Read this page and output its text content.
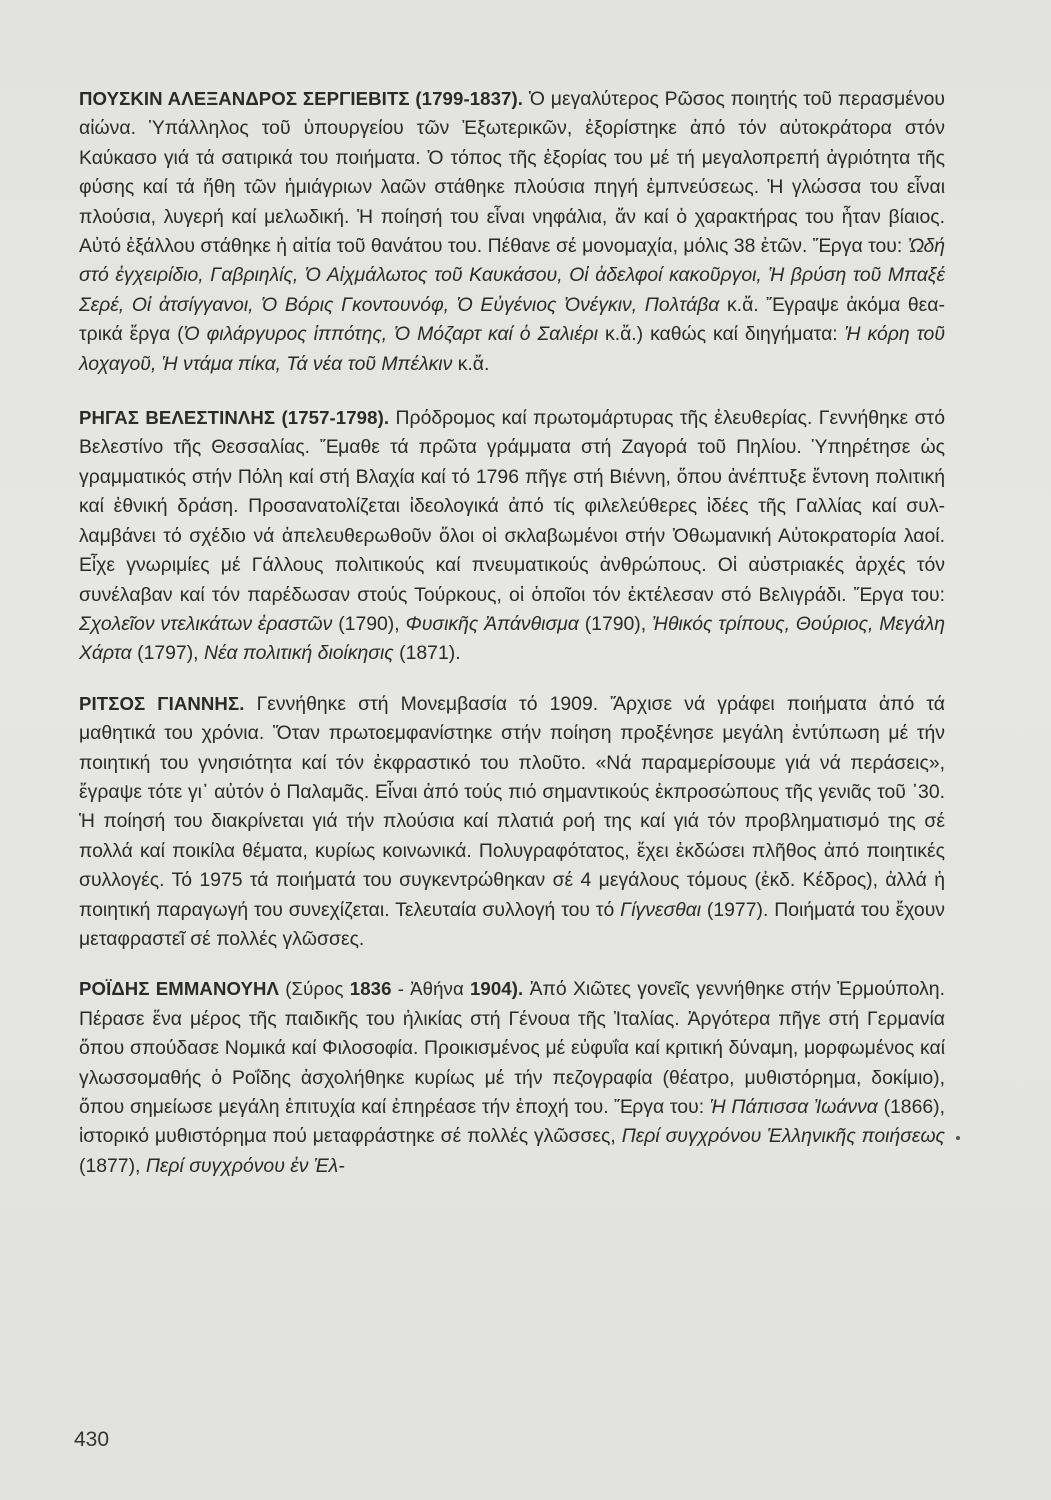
ΠΟΥΣΚΙΝ ΑΛΕΞΑΝΔΡΟΣ ΣΕΡΓΙΕΒΙΤΣ (1799-1837). Ὁ μεγαλύτερος Ρῶσος ποιητής τοῦ περασμένου αἰώνα. Ὑπάλληλος τοῦ ὑπουργείου τῶν Ἐξωτερικῶν, ἐξορίστηκε ἀπό τόν αὐτοκράτορα στόν Καύκασο γιά τά σατιρικά του ποιήματα. Ὁ τόπος τῆς ἐξορίας του μέ τή μεγαλοπρεπή ἀγριότητα τῆς φύσης καί τά ἤθη τῶν ἡμιάγριων λαῶν στάθηκε πλούσια πηγή ἐμπνεύσεως. Ἡ γλώσσα του εἶναι πλούσια, λυγερή καί μελωδική. Ἡ ποίησή του εἶναι νηφάλια, ἄν καί ὁ χαρακτήρας του ἦταν βίαιος. Αὐτό ἐξάλλου στάθηκε ἡ αἰτία τοῦ θανάτου του. Πέθανε σέ μονομαχία, μόλις 38 ἐτῶν. Ἔργα του: Ὠδή στό ἐγχειρίδιο, Γαβριηλίς, Ὁ Αἰχμάλωτος τοῦ Καυκάσου, Οἱ ἀδελφοί κακοῦργοι, Ἡ βρύση τοῦ Μπαξέ Σερέ, Οἱ ἀτσίγγανοι, Ὁ Βόρις Γκοντουνόφ, Ὁ Εὐγένιος Ὀνέγκιν, Πολτάβα κ.ἄ. Ἔγραψε ἀκόμα θεατρικά ἔργα (Ὁ φιλάργυρος ἱππότης, Ὁ Μόζαρτ καί ὁ Σαλιέρι κ.ἄ.) καθώς καί διηγήματα: Ἡ κόρη τοῦ λοχαγοῦ, Ἡ ντάμα πίκα, Τά νέα τοῦ Μπέλκιν κ.ἄ.

ΡΗΓΑΣ ΒΕΛΕΣΤΙΝΛΗΣ (1757-1798). Πρόδρομος καί πρωτομάρτυρας τῆς ἐλευθερίας. Γεννήθηκε στό Βελεστίνο τῆς Θεσσαλίας. Ἔμαθε τά πρῶτα γράμματα στή Ζαγορά τοῦ Πηλίου. Ὑπηρέτησε ὡς γραμματικός στήν Πόλη καί στή Βλαχία καί τό 1796 πῆγε στή Βιέννη, ὅπου ἀνέπτυξε ἔντονη πολιτική καί ἐθνική δράση. Προσανατολίζεται ἰδεολογικά ἀπό τίς φιλελεύθερες ἰδέες τῆς Γαλλίας καί συλλαμβάνει τό σχέδιο νά ἀπελευθερωθοῦν ὅλοι οἱ σκλαβωμένοι στήν Ὀθωμανική Αὐτοκρατορία λαοί. Εἶχε γνωριμίες μέ Γάλλους πολιτικούς καί πνευματικούς ἀνθρώπους. Οἱ αὐστριακές ἀρχές τόν συνέλαβαν καί τόν παρέδωσαν στούς Τούρκους, οἱ ὁποῖοι τόν ἐκτέλεσαν στό Βελιγράδι. Ἔργα του: Σχολεῖον ντελικάτων ἐραστῶν (1790), Φυσικῆς Ἀπάνθισμα (1790), Ἠθικός τρίπους, Θούριος, Μεγάλη Χάρτα (1797), Νέα πολιτική διοίκησις (1871).

ΡΙΤΣΟΣ ΓΙΑΝΝΗΣ. Γεννήθηκε στή Μονεμβασία τό 1909. Ἄρχισε νά γράφει ποιήματα ἀπό τά μαθητικά του χρόνια. Ὅταν πρωτοεμφανίστηκε στήν ποίηση προξένησε μεγάλη ἐντύπωση μέ τήν ποιητική του γνησιότητα καί τόν ἐκφραστικό του πλοῦτο. «Νά παραμερίσουμε γιά νά περάσεις», ἔγραψε τότε γι᾽ αὐτόν ὁ Παλαμᾶς. Εἶναι ἀπό τούς πιό σημαντικούς ἐκπροσώπους τῆς γενιᾶς τοῦ ᾽30. Ἡ ποίησή του διακρίνεται γιά τήν πλούσια καί πλατιά ροή της καί γιά τόν προβληματισμό της σέ πολλά καί ποικίλα θέματα, κυρίως κοινωνικά. Πολυγραφότατος, ἔχει ἐκδώσει πλῆθος ἀπό ποιητικές συλλογές. Τό 1975 τά ποιήματά του συγκεντρώθηκαν σέ 4 μεγάλους τόμους (ἐκδ. Κέδρος), ἀλλά ἡ ποιητική παραγωγή του συνεχίζεται. Τελευταία συλλογή του τό Γίγνεσθαι (1977). Ποιήματά του ἔχουν μεταφραστεῖ σέ πολλές γλῶσσες.

ΡΟΪΔΗΣ ΕΜΜΑΝΟΥΗΛ (Σύρος 1836 - Ἀθήνα 1904). Ἀπό Χιῶτες γονεῖς γεννήθηκε στήν Ἑρμούπολη. Πέρασε ἕνα μέρος τῆς παιδικῆς του ἡλικίας στή Γένουα τῆς Ἰταλίας. Ἀργότερα πῆγε στή Γερμανία ὅπου σπούδασε Νομικά καί Φιλοσοφία. Προικισμένος μέ εὐφυΐα καί κριτική δύναμη, μορφωμένος καί γλωσσομαθής ὁ Ροΐδης ἀσχολήθηκε κυρίως μέ τήν πεζογραφία (θέατρο, μυθιστόρημα, δοκίμιο), ὅπου σημείωσε μεγάλη ἐπιτυχία καί ἐπηρέασε τήν ἐποχή του. Ἔργα του: Ἡ Πάπισσα Ἰωάννα (1866), ἱστορικό μυθιστόρημα πού μεταφράστηκε σέ πολλές γλῶσσες, Περί συγχρόνου Ἑλληνικῆς ποιήσεως (1877), Περί συγχρόνου ἐν Ἑλ-

430
